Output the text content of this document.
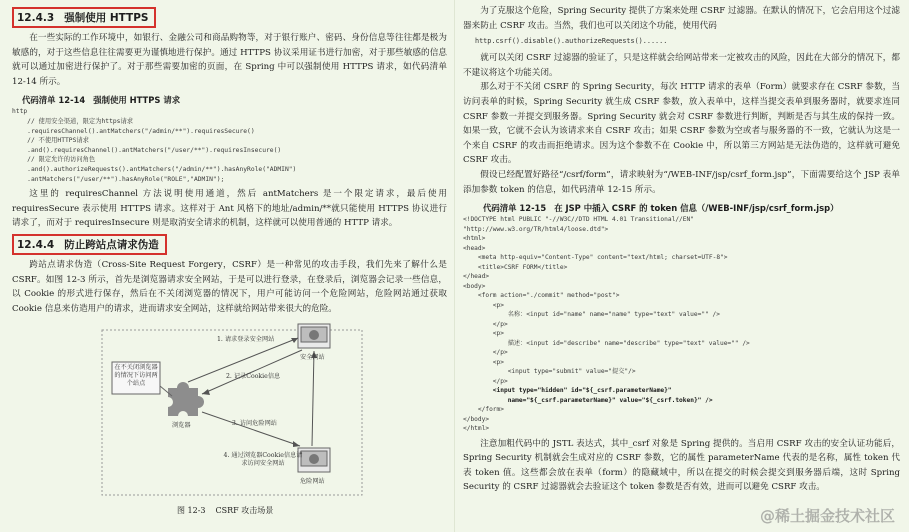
12.4.3 强制使用 HTTPS

在一些实际的工作环境中，如银行、金融公司和商品购物等，对于银行账户、密码、身份信息等往往都是极为敏感的，对于这些信息往往需要更为谨慎地进行保护。通过 HTTPS 协议采用证书进行加密，对于那些敏感的信息就可以通过加密进行保护了。对于那些需要加密的页面，在 Spring 中可以强制使用 HTTPS 请求，如代码清单 12-14 所示。

代码清单 12-14 强制使用 HTTPS 请求
http
// 使用安全渠道，限定为https请求
.requiresChannel().antMatchers("/admin/**").requiresSecure()
// 不使用HTTPS请求
.and().requiresChannel().antMatchers("/user/**").requiresInsecure()
// 限定允许的访问角色
.and().authorizeRequests().antMatchers("/admin/**").hasAnyRole("ADMIN")
.antMatchers("/user/**").hasAnyRole("ROLE","ADMIN");

这里的 requiresChannel 方法说明使用通道，然后 antMatchers 是一个限定请求，最后使用 requiresSecure 表示使用 HTTPS 请求。这样对于 Ant 风格下的地址/admin/**就只能使用 HTTPS 协议进行请求了，而对于 requiresInsecure 则是取消安全请求的机制，这样就可以使用普通的 HTTP 请求。

12.4.4 防止跨站点请求伪造

跨站点请求伪造（Cross-Site Request Forgery，CSRF）是一种常见的攻击手段，我们先来了解什么是 CSRF。如图 12-3 所示，首先是浏览器请求安全网站，于是可以进行登录，在登录后，浏览器会记录一些信息，以 Cookie 的形式进行保存，然后在不关闭浏览器的情况下，用户可能访问一个危险网站，危险网站通过获取 Cookie 信息来仿造用户的请求，进而请求安全网站，这样就给网站带来很大的危险。

在不关闭浏览器的情况下访问两个站点
1. 请求登录安全网站
2. 记录Cookie信息
3. 访问危险网站
4. 通过浏览器Cookie信息请求访问安全网站
安全网站
浏览器
危险网站
图 12-3 CSRF 攻击场景

为了克服这个危险，Spring Security 提供了方案来处理 CSRF 过滤器。在默认的情况下，它会启用这个过滤器来防止 CSRF 攻击。当然，我们也可以关闭这个功能，使用代码

http.csrf().disable().authorizeRequests()......

就可以关闭 CSRF 过滤器的验证了，只是这样就会给网站带来一定被攻击的风险，因此在大部分的情况下，都不建议将这个功能关闭。

那么对于不关闭 CSRF 的 Spring Security，每次 HTTP 请求的表单（Form）就要求存在 CSRF 参数，当访问表单的时候，Spring Security 就生成 CSRF 参数，放入表单中，这样当提交表单到服务器时，就要求连同 CSRF 参数一并提交到服务器。Spring Security 就会对 CSRF 参数进行判断，判断是否与其生成的保持一致。如果一致，它就不会认为该请求来自 CSRF 攻击；如果 CSRF 参数为空或者与服务器的不一致，它就认为这是一个来自 CSRF 的攻击而拒绝请求。因为这个参数不在 Cookie 中，所以第三方网站是无法伪造的，这样就可避免 CSRF 攻击。

假设已经配置好路径“/csrf/form”，请求映射为“/WEB-INF/jsp/csrf_form.jsp”，下面需要给这个 JSP 表单添加参数 token 的信息，如代码清单 12-15 所示。

代码清单 12-15 在 JSP 中插入 CSRF 的 token 信息（/WEB-INF/jsp/csrf_form.jsp）
<!DOCTYPE html PUBLIC "-//W3C//DTD HTML 4.01 Transitional//EN"
"http://www.w3.org/TR/html4/loose.dtd">
<html>
<head>
<meta http-equiv="Content-Type" content="text/html; charset=UTF-8">
<title>CSRF FORM</title>
</head>
<body>
<form action="./commit" method="post">
<p>
名称：<input id="name" name="name" type="text" value="" />
</p>
<p>
描述：<input id="describe" name="describe" type="text" value="" />
</p>
<p>
<input type="submit" value="提交"/>
</p>
<input type="hidden" id="${_csrf.parameterName}"
name="${_csrf.parameterName}" value="${_csrf.token}" />
</form>
</body>
</html>

注意加粗代码中的 JSTL 表达式，其中_csrf 对象是 Spring 提供的。当启用 CSRF 攻击的安全认证功能后，Spring Security 机制就会生成对应的 CSRF 参数，它的属性 parameterName 代表的是名称，属性 token 代表 token 值。这些都会放在表单（form）的隐藏域中，所以在提交的时候会提交到服务器后端，这时 Spring Security 的 CSRF 过滤器就会去验证这个 token 参数是否有效，进而可以避免 CSRF 攻击。

@稀土掘金技术社区
